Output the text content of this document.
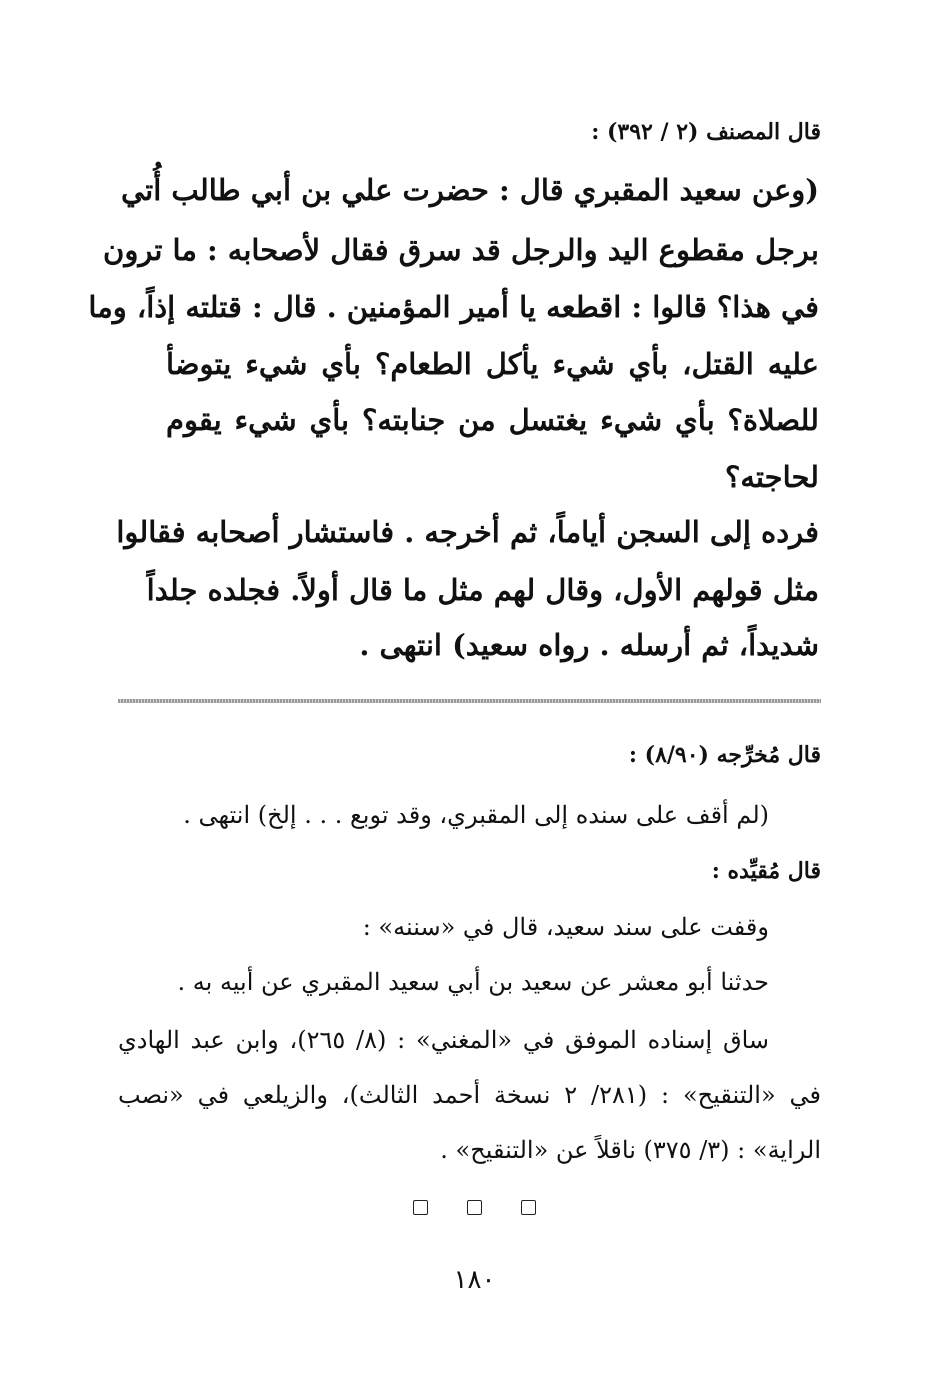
قال المصنف (٢ / ٣٩٢) :
(وعن سعيد المقبري قال : حضرت علي بن أبي طالب أُتي
برجل مقطوع اليد والرجل قد سرق فقال لأصحابه : ما ترون
في هذا؟ قالوا : اقطعه يا أمير المؤمنين . قال : قتلته إذاً، وما
عليه القتل، بأي شيء يأكل الطعام؟ بأي شيء يتوضأ
للصلاة؟ بأي شيء يغتسل من جنابته؟ بأي شيء يقوم
لحاجته؟
فرده إلى السجن أياماً، ثم أخرجه . فاستشار أصحابه فقالوا
مثل قولهم الأول، وقال لهم مثل ما قال أولاً. فجلده جلداً
شديداً، ثم أرسله . رواه سعيد) انتهى .
قال مُخرِّجه (٨/٩٠) :
(لم أقف على سنده إلى المقبري، وقد توبع . . . إلخ) انتهى .
قال مُقيِّده :
وقفت على سند سعيد، قال في «سننه» :
حدثنا أبو معشر عن سعيد بن أبي سعيد المقبري عن أبيه به .
ساق إسناده الموفق في «المغني» : (٨/ ٢٦٥)، وابن عبد الهادي
في «التنقيح» : (٢٨١/ ٢ نسخة أحمد الثالث)، والزيلعي في «نصب
الراية» : (٣/ ٣٧٥) ناقلاً عن «التنقيح» .

١٨٠
